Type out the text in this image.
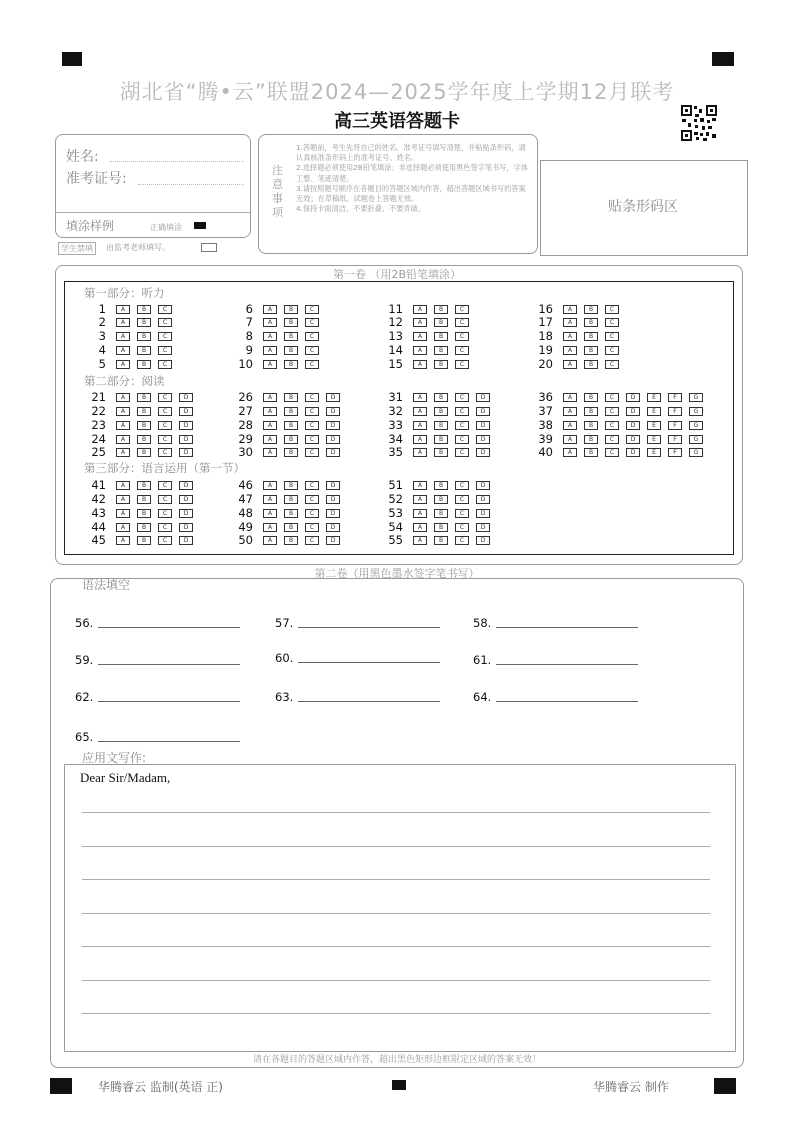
湖北省“腾•云”联盟2024—2025学年度上学期12月联考
高三英语答题卡
姓名:
准考证号:
填涂样例	正确填涂
学生禁填	由监考老师填写。
注意事项
1.答题前，考生先将自己的姓名、准考证号填写清楚，并粘贴条形码，请认真核准条形码上的准考证号、姓名。
2.选择题必须使用2B铅笔填涂；非选择题必须使用黑色签字笔书写，字体工整、笔迹清楚。
3.请按照题号顺序在各题目的答题区域内作答，超出答题区域书写的答案无效；在草稿纸、试题卷上答题无效。
4.保持卡面清洁，不要折叠、不要弄破。	贴条形码区
第一卷 （用2B铅笔填涂）
第一部分：听力
第二部分：阅读
第三部分：语言运用（第一节）
1	A	B	C
2	A	B	C
3	A	B	C
4	A	B	C
5	A	B	C
6	A	B	C
7	A	B	C
8	A	B	C
9	A	B	C
10	A	B	C
11	A	B	C
12	A	B	C
13	A	B	C
14	A	B	C
15	A	B	C
16	A	B	C
17	A	B	C
18	A	B	C
19	A	B	C
20	A	B	C
21	A	B	C	D
22	A	B	C	D
23	A	B	C	D
24	A	B	C	D
25	A	B	C	D
26	A	B	C	D
27	A	B	C	D
28	A	B	C	D
29	A	B	C	D
30	A	B	C	D
31	A	B	C	D
32	A	B	C	D
33	A	B	C	D
34	A	B	C	D
35	A	B	C	D
36	A	B	C	D	E	F	G
37	A	B	C	D	E	F	G
38	A	B	C	D	E	F	G
39	A	B	C	D	E	F	G
40	A	B	C	D	E	F	G
41	A	B	C	D
42	A	B	C	D
43	A	B	C	D
44	A	B	C	D
45	A	B	C	D
46	A	B	C	D
47	A	B	C	D
48	A	B	C	D
49	A	B	C	D
50	A	B	C	D
51	A	B	C	D
52	A	B	C	D
53	A	B	C	D
54	A	B	C	D
55	A	B	C	D
第二卷（用黑色墨水签字笔书写）
语法填空
56.	57.	58.
59.	60.	61.
62.	63.	64.
65.
应用文写作:
Dear Sir/Madam,
请在各题目的答题区域内作答，超出黑色矩形边框限定区域的答案无效！
华腾睿云 监制(英语 正)	华腾睿云 制作
